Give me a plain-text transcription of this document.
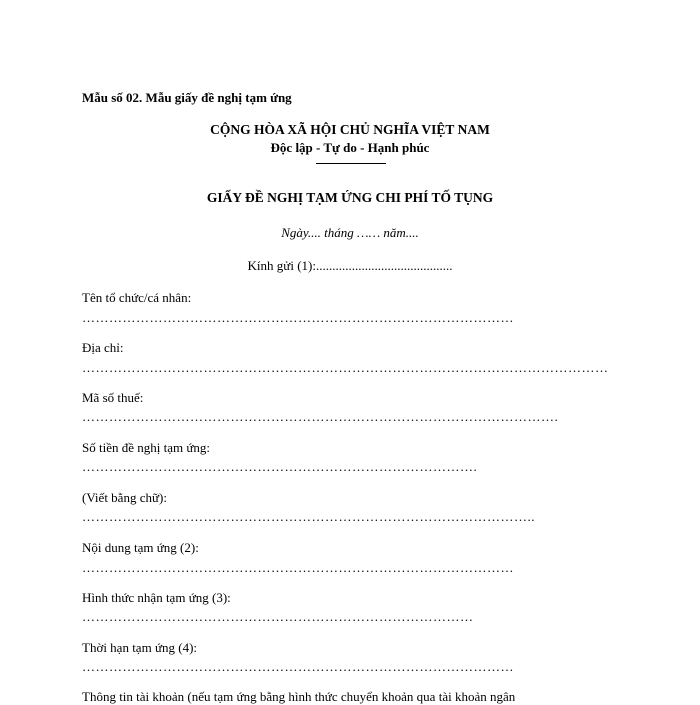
Mẫu số 02. Mẫu giấy đề nghị tạm ứng
CỘNG HÒA XÃ HỘI CHỦ NGHĨA VIỆT NAM
Độc lập - Tự do - Hạnh phúc
GIẤY ĐỀ NGHỊ TẠM ỨNG CHI PHÍ TỐ TỤNG
Ngày.... tháng …… năm....
Kính gửi (1):..........................................
Tên tổ chức/cá nhân:
……………………………………………………………………………………
Địa chỉ:
………………………………………………………………………………………………………
Mã số thuế:
…………………………………………………………………………………………….
Số tiền đề nghị tạm ứng:
…………………………………………………………………………….
(Viết bằng chữ):
………………………………………………………………………………………..
Nội dung tạm ứng (2):
……………………………………………………………………………………
Hình thức nhận tạm ứng (3):
……………………………………………………………………………
Thời hạn tạm ứng (4):
……………………………………………………………………………………
Thông tin tài khoản (nếu tạm ứng bằng hình thức chuyển khoản qua tài khoản ngân
